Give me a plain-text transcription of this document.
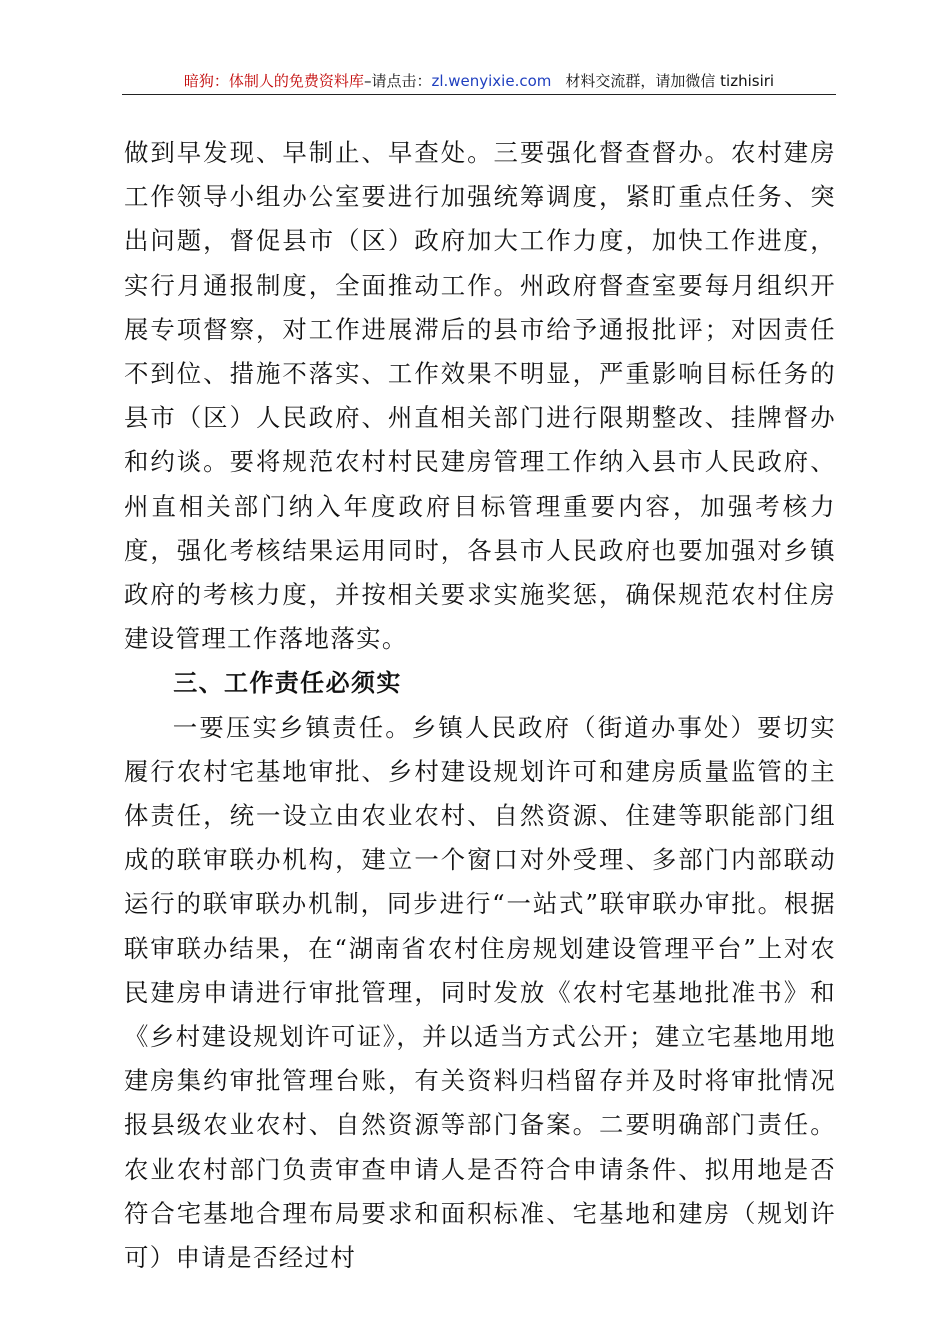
暗狗：体制人的免费资料库–请点击：zl.wenyixie.com 材料交流群，请加微信 tizhisiri

做到早发现、早制止、早查处。三要强化督查督办。农村建房工作领导小组办公室要进行加强统筹调度，紧盯重点任务、突出问题，督促县市（区）政府加大工作力度，加快工作进度，实行月通报制度，全面推动工作。州政府督查室要每月组织开展专项督察，对工作进展滞后的县市给予通报批评；对因责任不到位、措施不落实、工作效果不明显，严重影响目标任务的县市（区）人民政府、州直相关部门进行限期整改、挂牌督办和约谈。要将规范农村村民建房管理工作纳入县市人民政府、州直相关部门纳入年度政府目标管理重要内容，加强考核力度，强化考核结果运用同时，各县市人民政府也要加强对乡镇政府的考核力度，并按相关要求实施奖惩，确保规范农村住房建设管理工作落地落实。

三、工作责任必须实

一要压实乡镇责任。乡镇人民政府（街道办事处）要切实履行农村宅基地审批、乡村建设规划许可和建房质量监管的主体责任，统一设立由农业农村、自然资源、住建等职能部门组成的联审联办机构，建立一个窗口对外受理、多部门内部联动运行的联审联办机制，同步进行“一站式”联审联办审批。根据联审联办结果，在“湖南省农村住房规划建设管理平台”上对农民建房申请进行审批管理，同时发放《农村宅基地批准书》和《乡村建设规划许可证》，并以适当方式公开；建立宅基地用地建房集约审批管理台账，有关资料归档留存并及时将审批情况报县级农业农村、自然资源等部门备案。二要明确部门责任。农业农村部门负责审查申请人是否符合申请条件、拟用地是否符合宅基地合理布局要求和面积标准、宅基地和建房（规划许可）申请是否经过村
